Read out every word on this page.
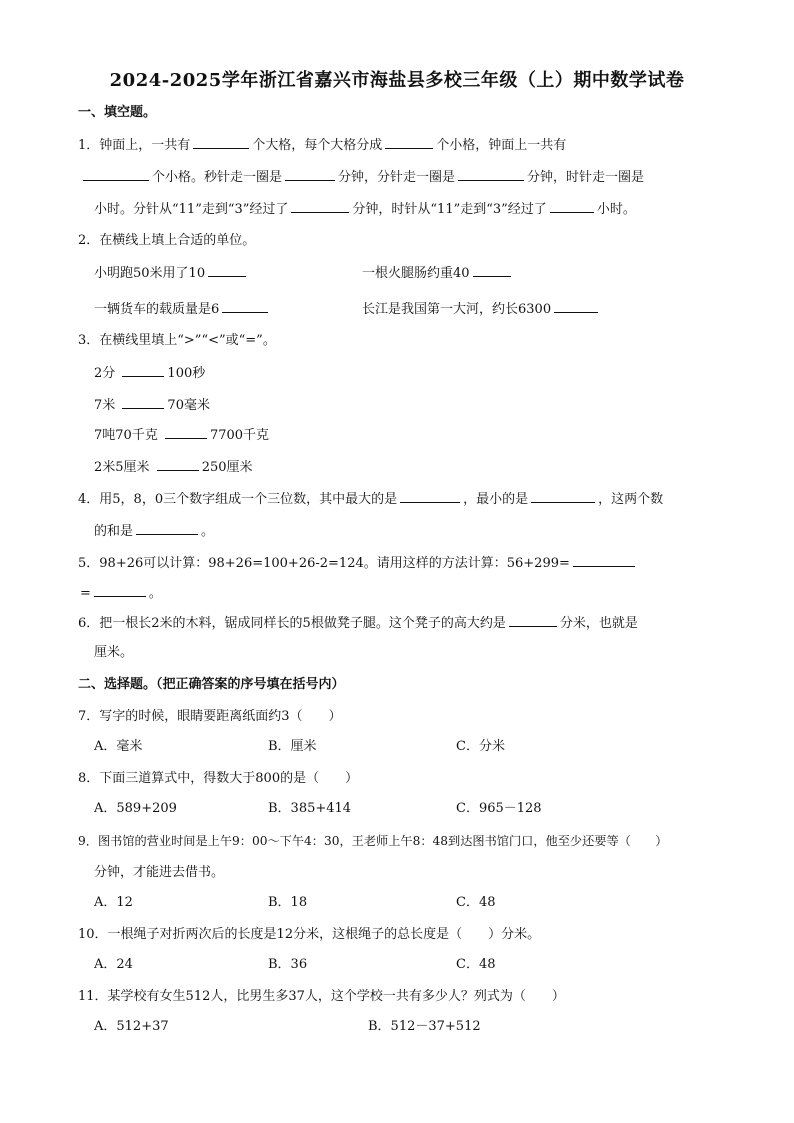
2024-2025学年浙江省嘉兴市海盐县多校三年级（上）期中数学试卷
一、填空题。
1．钟面上，一共有	个大格，每个大格分成	个小格，钟面上一共有
个小格。秒针走一圈是	分钟，分针走一圈是	分钟，时针走一圈是
小时。分针从“11”走到“3”经过了	分钟，时针从“11”走到“3”经过了	小时。
2．在横线上填上合适的单位。
小明跑50米用了10	一根火腿肠约重40
一辆货车的载质量是6	长江是我国第一大河，约长6300
3．在横线里填上“>”“<”或“=”。
2分	100秒
7米	70毫米
7吨70千克	7700千克
2米5厘米	250厘米
4．用5，8，0三个数字组成一个三位数，其中最大的是	，最小的是	，这两个数
的和是	。
5．98+26可以计算：98+26=100+26-2=124。请用这样的方法计算：56+299=
=	。
6．把一根长2米的木料，锯成同样长的5根做凳子腿。这个凳子的高大约是	分米，也就是
厘米。
二、选择题。（把正确答案的序号填在括号内）
7．写字的时候，眼睛要距离纸面约3（　　）
A．毫米	B．厘米	C．分米
8．下面三道算式中，得数大于800的是（　　）
A．589+209	B．385+414	C．965－128
9．图书馆的营业时间是上午9：00～下午4：30，王老师上午8：48到达图书馆门口，他至少还要等（　　）
分钟，才能进去借书。
A．12	B．18	C．48
10．一根绳子对折两次后的长度是12分米，这根绳子的总长度是（　　）分米。
A．24	B．36	C．48
11．某学校有女生512人，比男生多37人，这个学校一共有多少人？列式为（　　）
A．512+37	B．512－37+512
